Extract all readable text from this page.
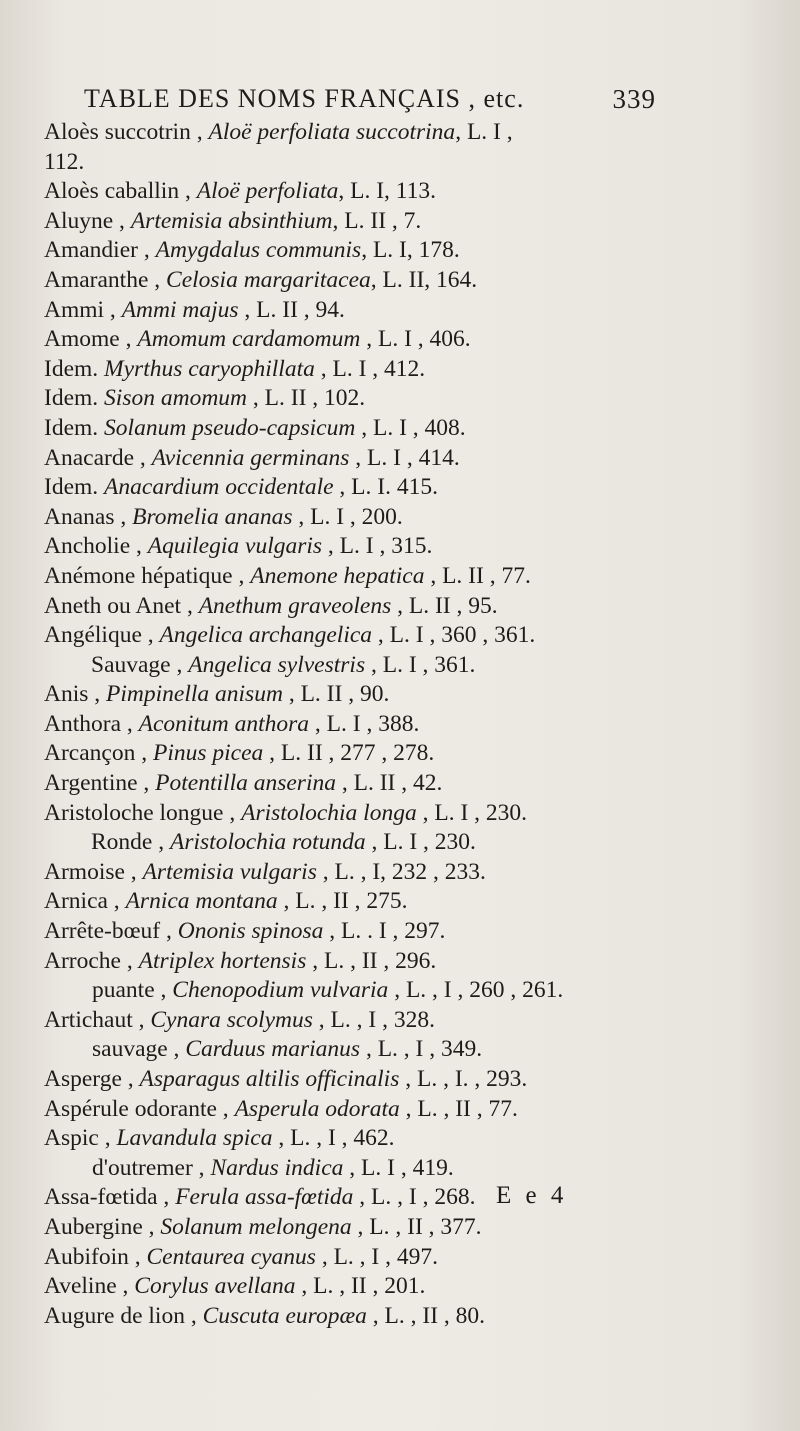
TABLE DES NOMS FRANÇAIS , etc.	339
Aloès succotrin , Aloë perfoliata succotrina, L. I ,
112.
Aloès caballin , Aloë perfoliata, L. I, 113.
Aluyne , Artemisia absinthium, L. II , 7.
Amandier , Amygdalus communis, L. I, 178.
Amaranthe , Celosia margaritacea, L. II, 164.
Ammi , Ammi majus , L. II , 94.
Amome , Amomum cardamomum , L. I , 406.
Idem. Myrthus caryophillata , L. I , 412.
Idem. Sison amomum , L. II , 102.
Idem. Solanum pseudo-capsicum , L. I , 408.
Anacarde , Avicennia germinans , L. I , 414.
Idem. Anacardium occidentale , L. I. 415.
Ananas , Bromelia ananas , L. I , 200.
Ancholie , Aquilegia vulgaris , L. I , 315.
Anémone hépatique , Anemone hepatica , L. II , 77.
Aneth ou Anet , Anethum graveolens , L. II , 95.
Angélique , Angelica archangelica , L. I , 360 , 361.
Sauvage , Angelica sylvestris , L. I , 361.
Anis , Pimpinella anisum , L. II , 90.
Anthora , Aconitum anthora , L. I , 388.
Arcançon , Pinus picea , L. II , 277 , 278.
Argentine , Potentilla anserina , L. II , 42.
Aristoloche longue , Aristolochia longa , L. I , 230.
Ronde , Aristolochia rotunda , L. I , 230.
Armoise , Artemisia vulgaris , L. , I, 232 , 233.
Arnica , Arnica montana , L. , II , 275.
Arrête-bœuf , Ononis spinosa , L. . I , 297.
Arroche , Atriplex hortensis , L. , II , 296.
puante , Chenopodium vulvaria , L. , I , 260 , 261.
Artichaut , Cynara scolymus , L. , I , 328.
sauvage , Carduus marianus , L. , I , 349.
Asperge , Asparagus altilis officinalis , L. , I. , 293.
Aspérule odorante , Asperula odorata , L. , II , 77.
Aspic , Lavandula spica , L. , I , 462.
d'outremer , Nardus indica , L. I , 419.
Assa-fœtida , Ferula assa-fœtida , L. , I , 268.
Aubergine , Solanum melongena , L. , II , 377.
Aubifoin , Centaurea cyanus , L. , I , 497.
Aveline , Corylus avellana , L. , II , 201.
Augure de lion , Cuscuta europæa , L. , II , 80.
E e 4
